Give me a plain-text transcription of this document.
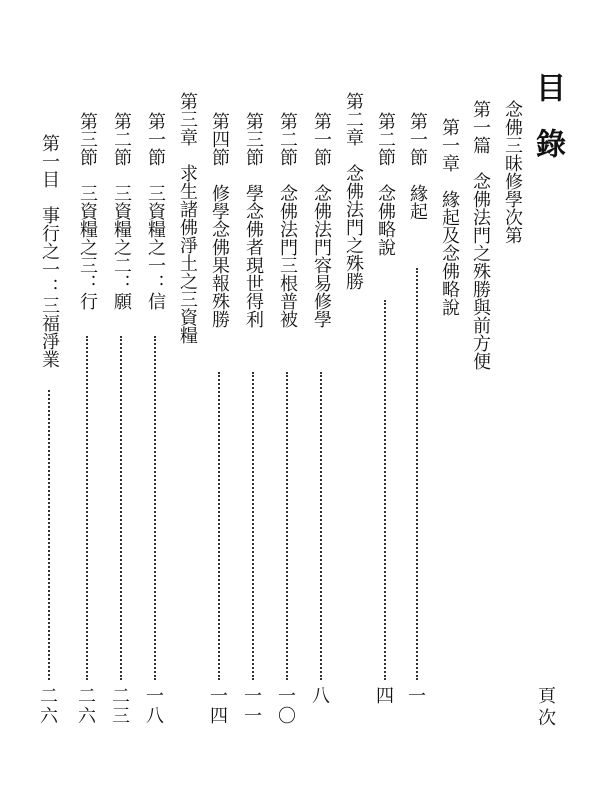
目錄
頁次
念佛三昧修學次第
第一篇　念佛法門之殊勝與前方便
第一章　緣起及念佛略說
第一節　緣起
一
第二節　念佛略說
四
第二章　念佛法門之殊勝
第一節　念佛法門容易修學
八
第二節　念佛法門三根普被
一〇
第三節　學念佛者現世得利
一一
第四節　修學念佛果報殊勝
一四
第三章　求生諸佛淨土之三資糧
第一節　三資糧之一：信
一八
第二節　三資糧之二：願
二三
第三節　三資糧之三：行
二六
第一目　事行之一：三福淨業
二六
